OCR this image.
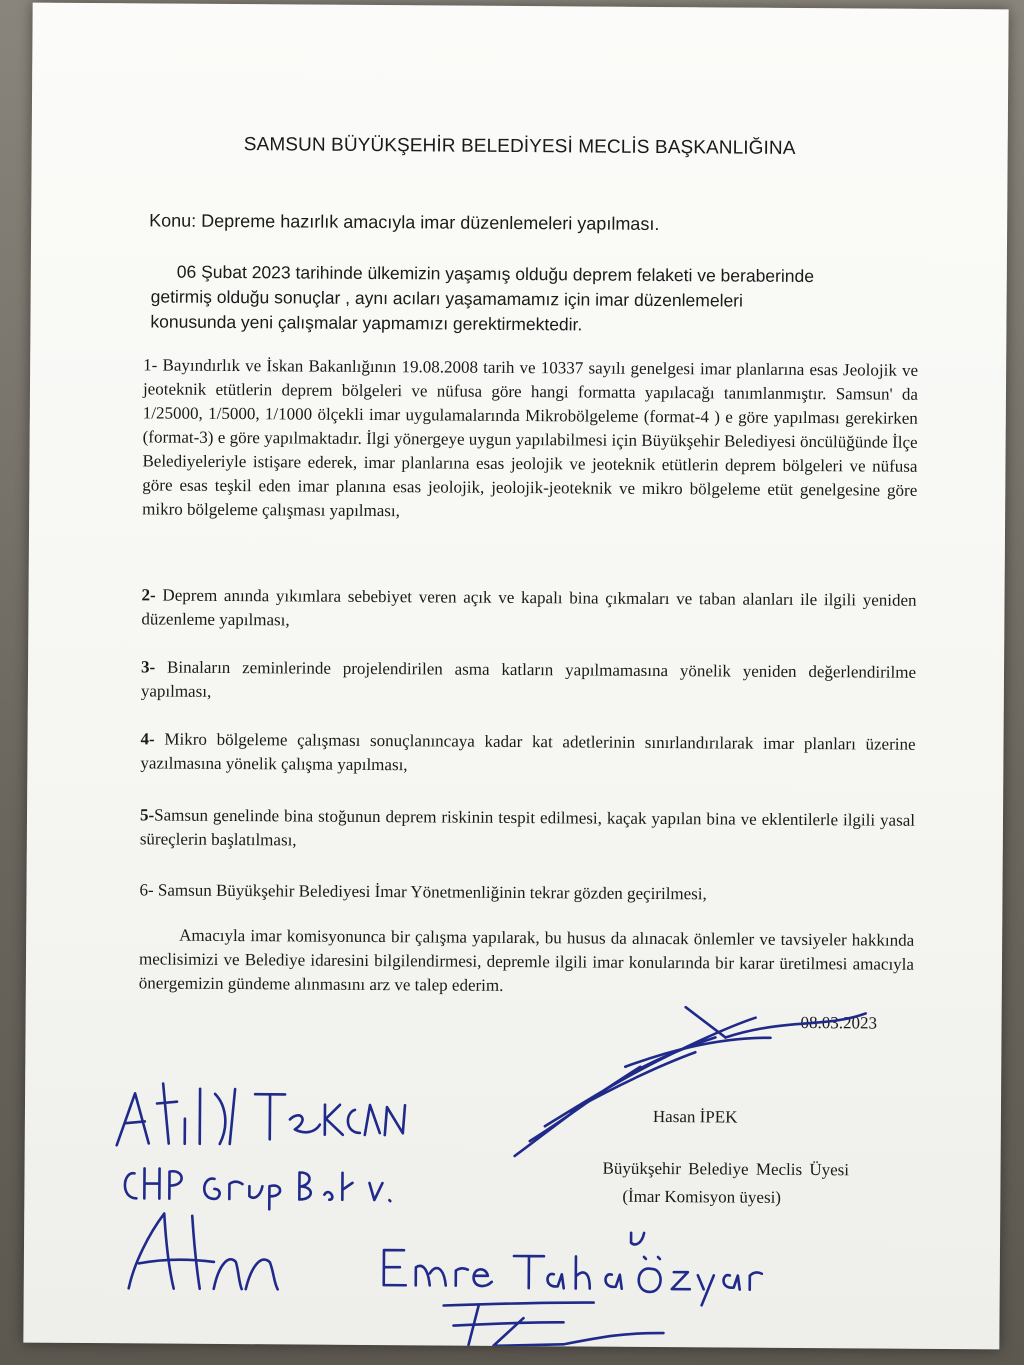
SAMSUN BÜYÜKŞEHİR BELEDİYESİ MECLİS BAŞKANLIĞINA
Konu: Depreme hazırlık amacıyla imar düzenlemeleri yapılması.
06 Şubat 2023 tarihinde ülkemizin yaşamış olduğu deprem felaketi ve beraberinde
getirmiş olduğu sonuçlar , aynı acıları yaşamamamız için imar düzenlemeleri
konusunda yeni çalışmalar yapmamızı gerektirmektedir.
1- Bayındırlık ve İskan Bakanlığının 19.08.2008 tarih ve 10337 sayılı genelgesi imar planlarına esas Jeolojik ve jeoteknik etütlerin deprem bölgeleri ve nüfusa göre hangi formatta yapılacağı tanımlanmıştır. Samsun' da 1/25000, 1/5000, 1/1000 ölçekli imar uygulamalarında Mikrobölgeleme (format-4 ) e göre yapılması gerekirken (format-3) e göre yapılmaktadır. İlgi yönergeye uygun yapılabilmesi için Büyükşehir Belediyesi öncülüğünde İlçe Belediyeleriyle istişare ederek, imar planlarına esas jeolojik ve jeoteknik etütlerin deprem bölgeleri ve nüfusa göre esas teşkil eden imar planına esas jeolojik, jeolojik-jeoteknik ve mikro bölgeleme etüt genelgesine göre mikro bölgeleme çalışması yapılması,
2- Deprem anında yıkımlara sebebiyet veren açık ve kapalı bina çıkmaları ve taban alanları ile ilgili yeniden düzenleme yapılması,
3- Binaların zeminlerinde projelendirilen asma katların yapılmamasına yönelik yeniden değerlendirilme yapılması,
4- Mikro bölgeleme çalışması sonuçlanıncaya kadar kat adetlerinin sınırlandırılarak imar planları üzerine yazılmasına yönelik çalışma yapılması,
5-Samsun genelinde bina stoğunun deprem riskinin tespit edilmesi, kaçak yapılan bina ve eklentilerle ilgili yasal süreçlerin başlatılması,
6- Samsun Büyükşehir Belediyesi İmar Yönetmenliğinin tekrar gözden geçirilmesi,
Amacıyla imar komisyonunca bir çalışma yapılarak, bu husus da alınacak önlemler ve tavsiyeler hakkında meclisimizi ve Belediye idaresini bilgilendirmesi, depremle ilgili imar konularında bir karar üretilmesi amacıyla önergemizin gündeme alınmasını arz ve talep ederim.
08.03.2023
Hasan İPEK
Büyükşehir Belediye Meclis Üyesi
(İmar Komisyon üyesi)
